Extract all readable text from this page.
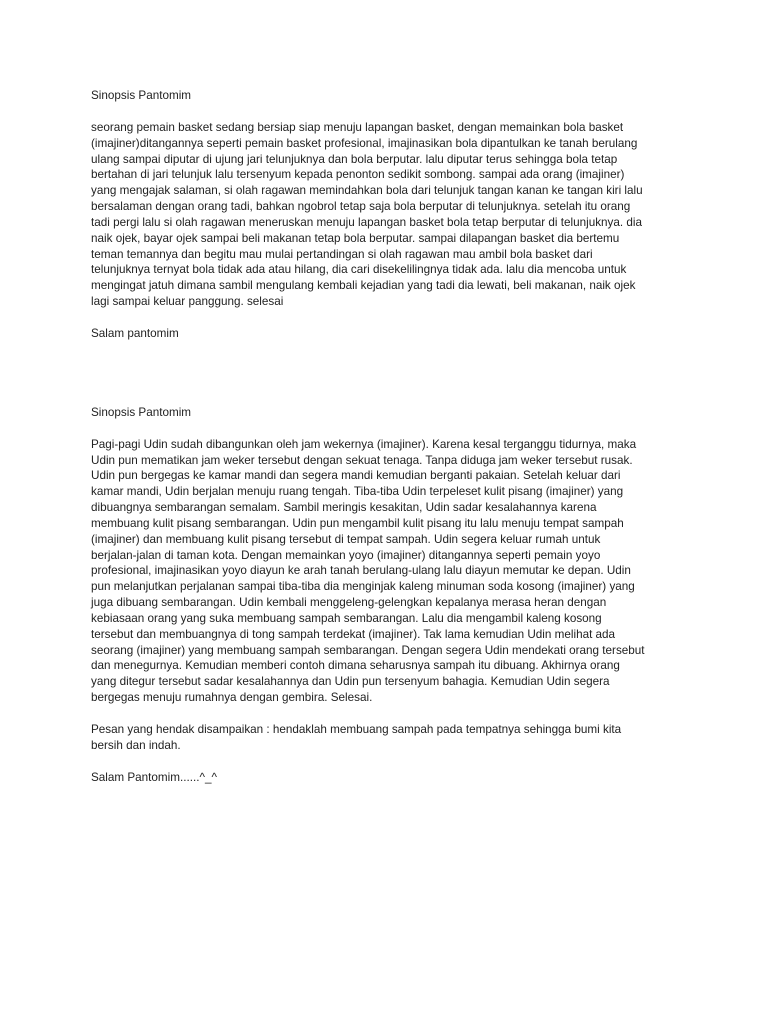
Sinopsis Pantomim

seorang pemain basket sedang bersiap siap menuju lapangan basket, dengan memainkan bola basket
(imajiner)ditangannya seperti pemain basket profesional, imajinasikan bola dipantulkan ke tanah berulang
ulang sampai diputar di ujung jari telunjuknya dan bola berputar. lalu diputar terus sehingga bola tetap
bertahan di jari telunjuk lalu tersenyum kepada penonton sedikit sombong. sampai ada orang (imajiner)
yang mengajak salaman, si olah ragawan memindahkan bola dari telunjuk tangan kanan ke tangan kiri lalu
bersalaman dengan orang tadi, bahkan ngobrol tetap saja bola berputar di telunjuknya. setelah itu orang
tadi pergi lalu si olah ragawan meneruskan menuju lapangan basket bola tetap berputar di telunjuknya. dia
naik ojek, bayar ojek sampai beli makanan tetap bola berputar. sampai dilapangan basket dia bertemu
teman temannya dan begitu mau mulai pertandingan si olah ragawan mau ambil bola basket dari
telunjuknya ternyat bola tidak ada atau hilang, dia cari disekelilingnya tidak ada. lalu dia mencoba untuk
mengingat jatuh dimana sambil mengulang kembali kejadian yang tadi dia lewati, beli makanan, naik ojek
lagi sampai keluar panggung. selesai

Salam pantomim

Sinopsis Pantomim

Pagi-pagi Udin sudah dibangunkan oleh jam wekernya (imajiner). Karena kesal terganggu tidurnya, maka
Udin pun mematikan jam weker tersebut dengan sekuat tenaga. Tanpa diduga jam weker tersebut rusak.
Udin pun bergegas ke kamar mandi dan segera mandi kemudian berganti pakaian. Setelah keluar dari
kamar mandi, Udin berjalan menuju ruang tengah. Tiba-tiba Udin terpeleset kulit pisang (imajiner) yang
dibuangnya sembarangan semalam. Sambil meringis kesakitan, Udin sadar kesalahannya karena
membuang kulit pisang sembarangan. Udin pun mengambil kulit pisang itu lalu menuju tempat sampah
(imajiner) dan membuang kulit pisang tersebut di tempat sampah. Udin segera keluar rumah untuk
berjalan-jalan di taman kota. Dengan memainkan yoyo (imajiner) ditangannya seperti pemain yoyo
profesional, imajinasikan yoyo diayun ke arah tanah berulang-ulang lalu diayun memutar ke depan. Udin
pun melanjutkan perjalanan sampai tiba-tiba dia menginjak kaleng minuman soda kosong (imajiner) yang
juga dibuang sembarangan. Udin kembali menggeleng-gelengkan kepalanya merasa heran dengan
kebiasaan orang yang suka membuang sampah sembarangan. Lalu dia mengambil kaleng kosong
tersebut dan membuangnya di tong sampah terdekat (imajiner). Tak lama kemudian Udin melihat ada
seorang (imajiner) yang membuang sampah sembarangan. Dengan segera Udin mendekati orang tersebut
dan menegurnya. Kemudian memberi contoh dimana seharusnya sampah itu dibuang. Akhirnya orang
yang ditegur tersebut sadar kesalahannya dan Udin pun tersenyum bahagia. Kemudian Udin segera
bergegas menuju rumahnya dengan gembira. Selesai.

Pesan yang hendak disampaikan : hendaklah membuang sampah pada tempatnya sehingga bumi kita
bersih dan indah.

Salam Pantomim......^_^
